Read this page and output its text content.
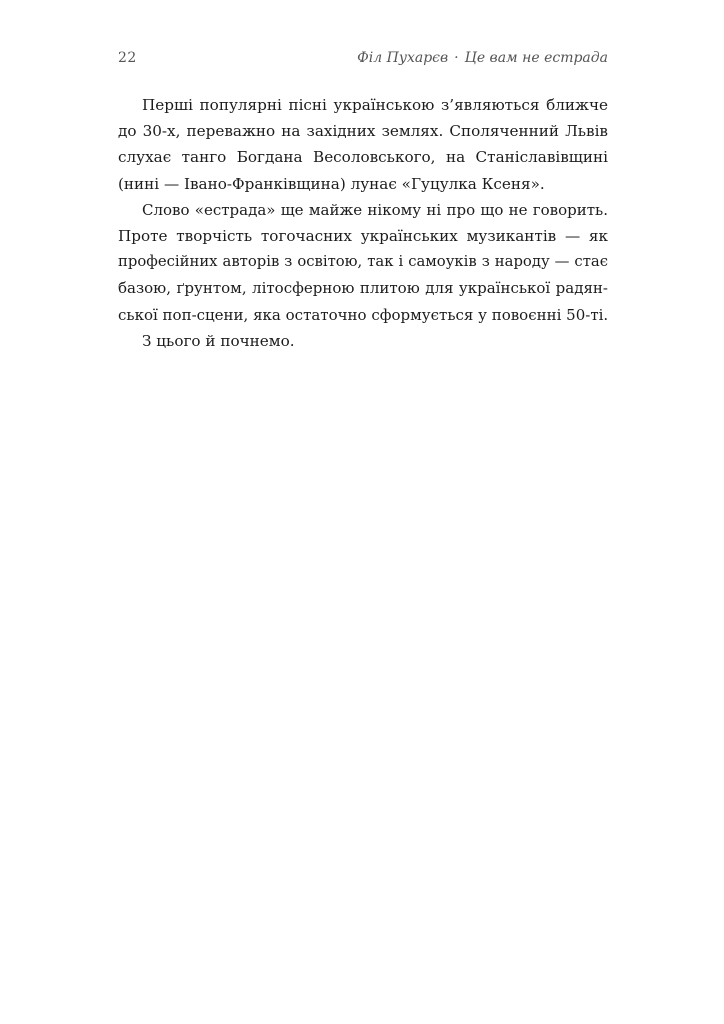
22	Філ Пухарєв · Це вам не естрада
Перші популярні пісні українською з’являються ближче
до 30-х, переважно на західних землях. Споляченний Львів
слухає танго Богдана Весоловського, на Станіславівщині
(нині — Івано-Франківщина) лунає «Гуцулка Ксеня».
Слово «естрада» ще майже нікому ні про що не говорить.
Проте творчість тогочасних українських музикантів — як
професійних авторів з освітою, так і самоуків з народу — стає
базою, ґрунтом, літосферною плитою для української радян-
ської поп-сцени, яка остаточно сформується у повоєнні 50-ті.
З цього й почнемо.
